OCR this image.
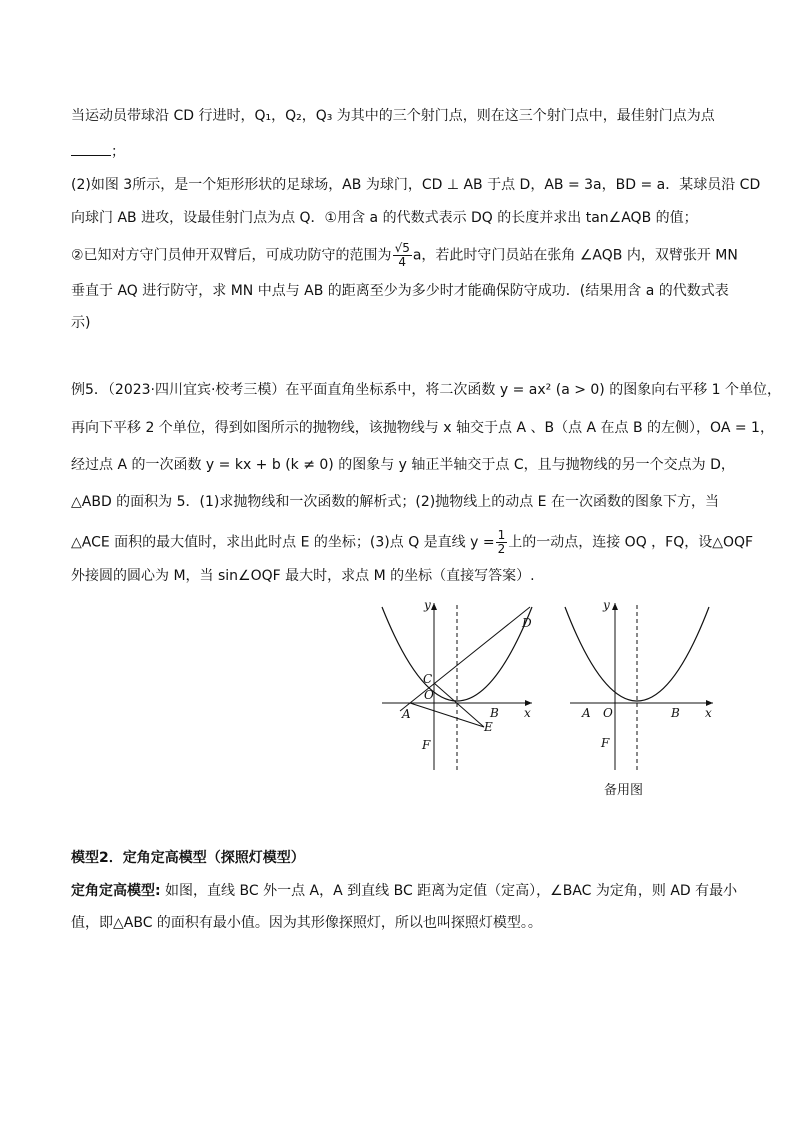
当运动员带球沿 CD 行进时，Q₁，Q₂，Q₃ 为其中的三个射门点，则在这三个射门点中，最佳射门点为点
；
(2)如图 3所示，是一个矩形形状的足球场，AB 为球门，CD ⊥ AB 于点 D，AB = 3a，BD = a．某球员沿 CD
向球门 AB 进攻，设最佳射门点为点 Q．①用含 a 的代数式表示 DQ 的长度并求出 tan∠AQB 的值；
②已知对方守门员伸开双臂后，可成功防守的范围为 $\frac{√5}{4}$ a，若此时守门员站在张角 ∠AQB 内，双臂张开 MN
垂直于 AQ 进行防守，求 MN 中点与 AB 的距离至少为多少时才能确保防守成功．(结果用含 a 的代数式表
示)
例5．（2023·四川宜宾·校考三模）在平面直角坐标系中，将二次函数 y = ax² (a > 0) 的图象向右平移 1 个单位，
再向下平移 2 个单位，得到如图所示的抛物线，该抛物线与 x 轴交于点 A 、B（点 A 在点 B 的左侧），OA = 1，
经过点 A 的一次函数 y = kx + b (k ≠ 0) 的图象与 y 轴正半轴交于点 C，且与抛物线的另一个交点为 D，
△ABD 的面积为 5．(1)求抛物线和一次函数的解析式；(2)抛物线上的动点 E 在一次函数的图象下方，当
△ACE 面积的最大值时，求出此时点 E 的坐标；(3)点 Q 是直线 $y = \frac{1}{2}$ 上的一动点，连接 OQ ，FQ，设△OQF
外接圆的圆心为 M，当 sin∠OQF 最大时，求点 M 的坐标（直接写答案）.
y
x
O
A	B
C
D
E
F
y
x
O
A	B
F
备用图
模型2．定角定高模型（探照灯模型）
定角定高模型: 如图，直线 BC 外一点 A，A 到直线 BC 距离为定值（定高），∠BAC 为定角，则 AD 有最小
值，即△ABC 的面积有最小值。因为其形像探照灯，所以也叫探照灯模型。。
